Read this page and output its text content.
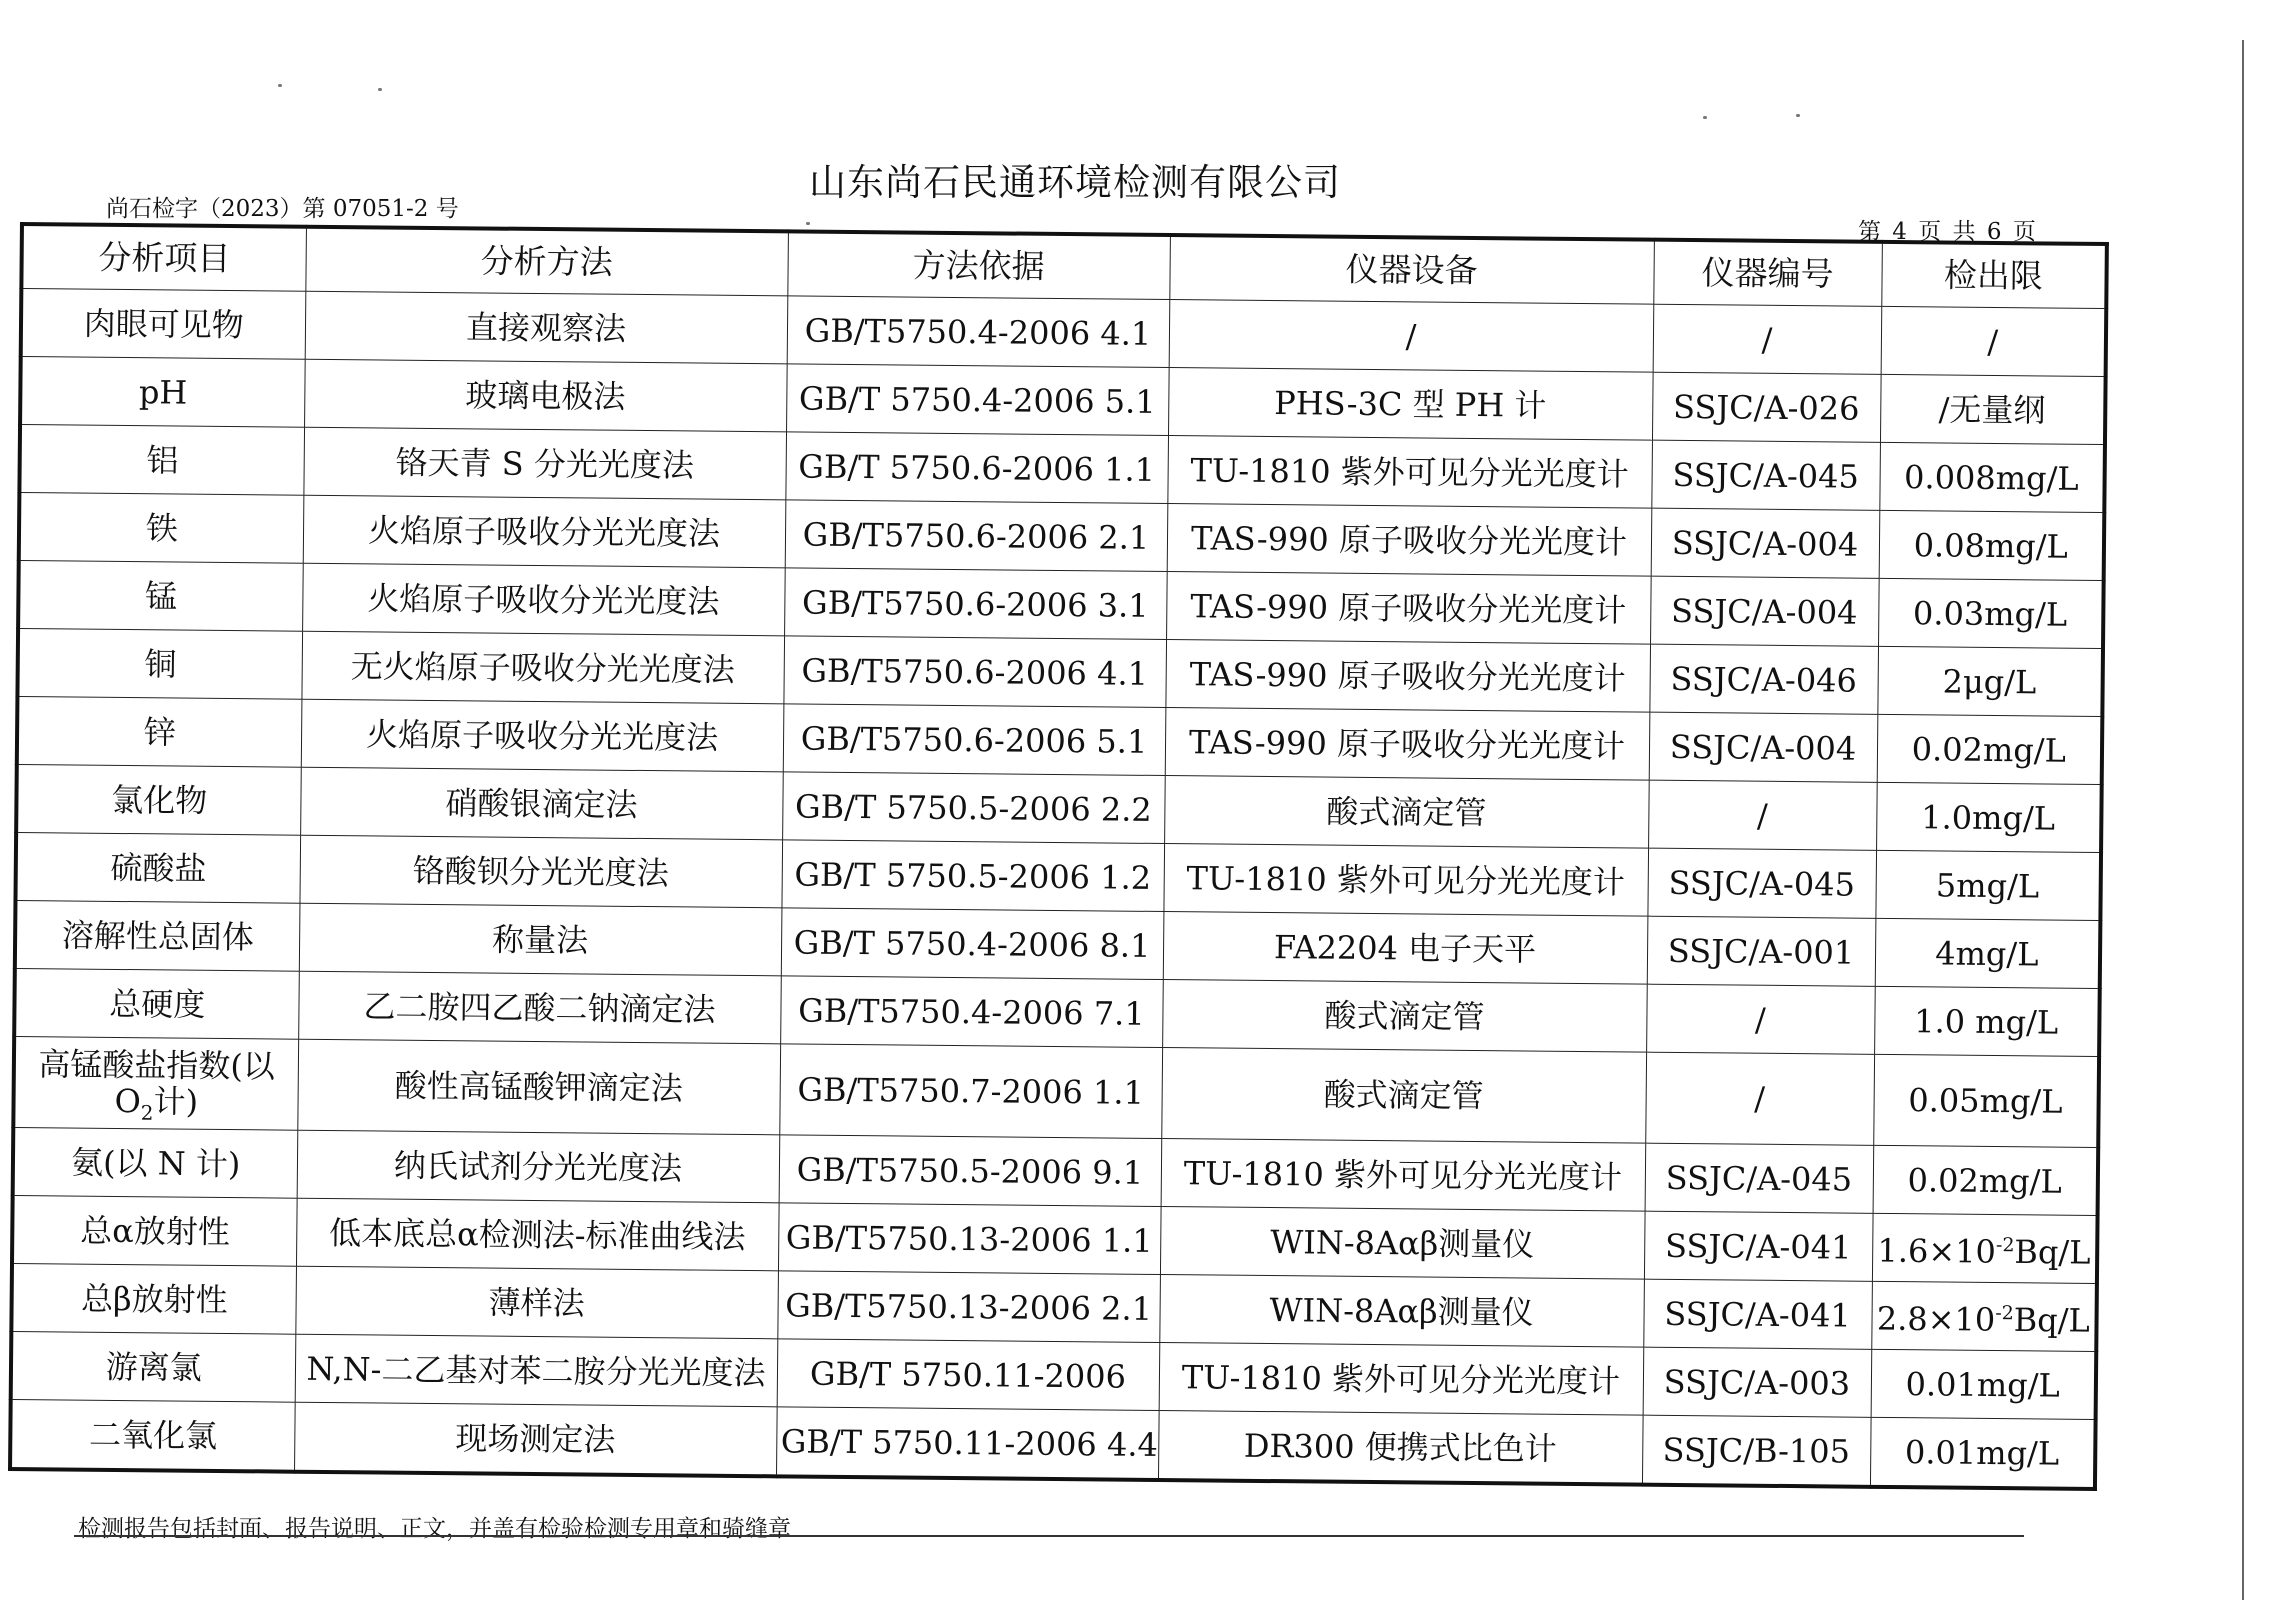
山东尚石民通环境检测有限公司
尚石检字（2023）第 07051-2 号
第 4 页 共 6 页
分析项目	分析方法	方法依据	仪器设备	仪器编号	检出限
肉眼可见物	直接观察法	GB/T5750.4-2006 4.1	/	/	/
pH	玻璃电极法	GB/T 5750.4-2006 5.1	PHS-3C 型 PH 计	SSJC/A-026	/无量纲
铝	铬天青 S 分光光度法	GB/T 5750.6-2006 1.1	TU-1810 紫外可见分光光度计	SSJC/A-045	0.008mg/L
铁	火焰原子吸收分光光度法	GB/T5750.6-2006 2.1	TAS-990 原子吸收分光光度计	SSJC/A-004	0.08mg/L
锰	火焰原子吸收分光光度法	GB/T5750.6-2006 3.1	TAS-990 原子吸收分光光度计	SSJC/A-004	0.03mg/L
铜	无火焰原子吸收分光光度法	GB/T5750.6-2006 4.1	TAS-990 原子吸收分光光度计	SSJC/A-046	2μg/L
锌	火焰原子吸收分光光度法	GB/T5750.6-2006 5.1	TAS-990 原子吸收分光光度计	SSJC/A-004	0.02mg/L
氯化物	硝酸银滴定法	GB/T 5750.5-2006 2.2	酸式滴定管	/	1.0mg/L
硫酸盐	铬酸钡分光光度法	GB/T 5750.5-2006 1.2	TU-1810 紫外可见分光光度计	SSJC/A-045	5mg/L
溶解性总固体	称量法	GB/T 5750.4-2006 8.1	FA2204 电子天平	SSJC/A-001	4mg/L
总硬度	乙二胺四乙酸二钠滴定法	GB/T5750.4-2006 7.1	酸式滴定管	/	1.0 mg/L
高锰酸盐指数(以
$O_2$计)	酸性高锰酸钾滴定法	GB/T5750.7-2006 1.1	酸式滴定管	/	0.05mg/L
氨(以 N 计)	纳氏试剂分光光度法	GB/T5750.5-2006 9.1	TU-1810 紫外可见分光光度计	SSJC/A-045	0.02mg/L
总α放射性	低本底总α检测法-标准曲线法	GB/T5750.13-2006 1.1	WIN-8Aαβ测量仪	SSJC/A-041	$1.6\times 10^{-2}Bq/L$
总β放射性	薄样法	GB/T5750.13-2006 2.1	WIN-8Aαβ测量仪	SSJC/A-041	$2.8\times 10^{-2}Bq/L$
游离氯	N,N-二乙基对苯二胺分光光度法	GB/T 5750.11-2006	TU-1810 紫外可见分光光度计	SSJC/A-003	0.01mg/L
二氧化氯	现场测定法	GB/T 5750.11-2006 4.4	DR300 便携式比色计	SSJC/B-105	0.01mg/L
检测报告包括封面、报告说明、正文，并盖有检验检测专用章和骑缝章
